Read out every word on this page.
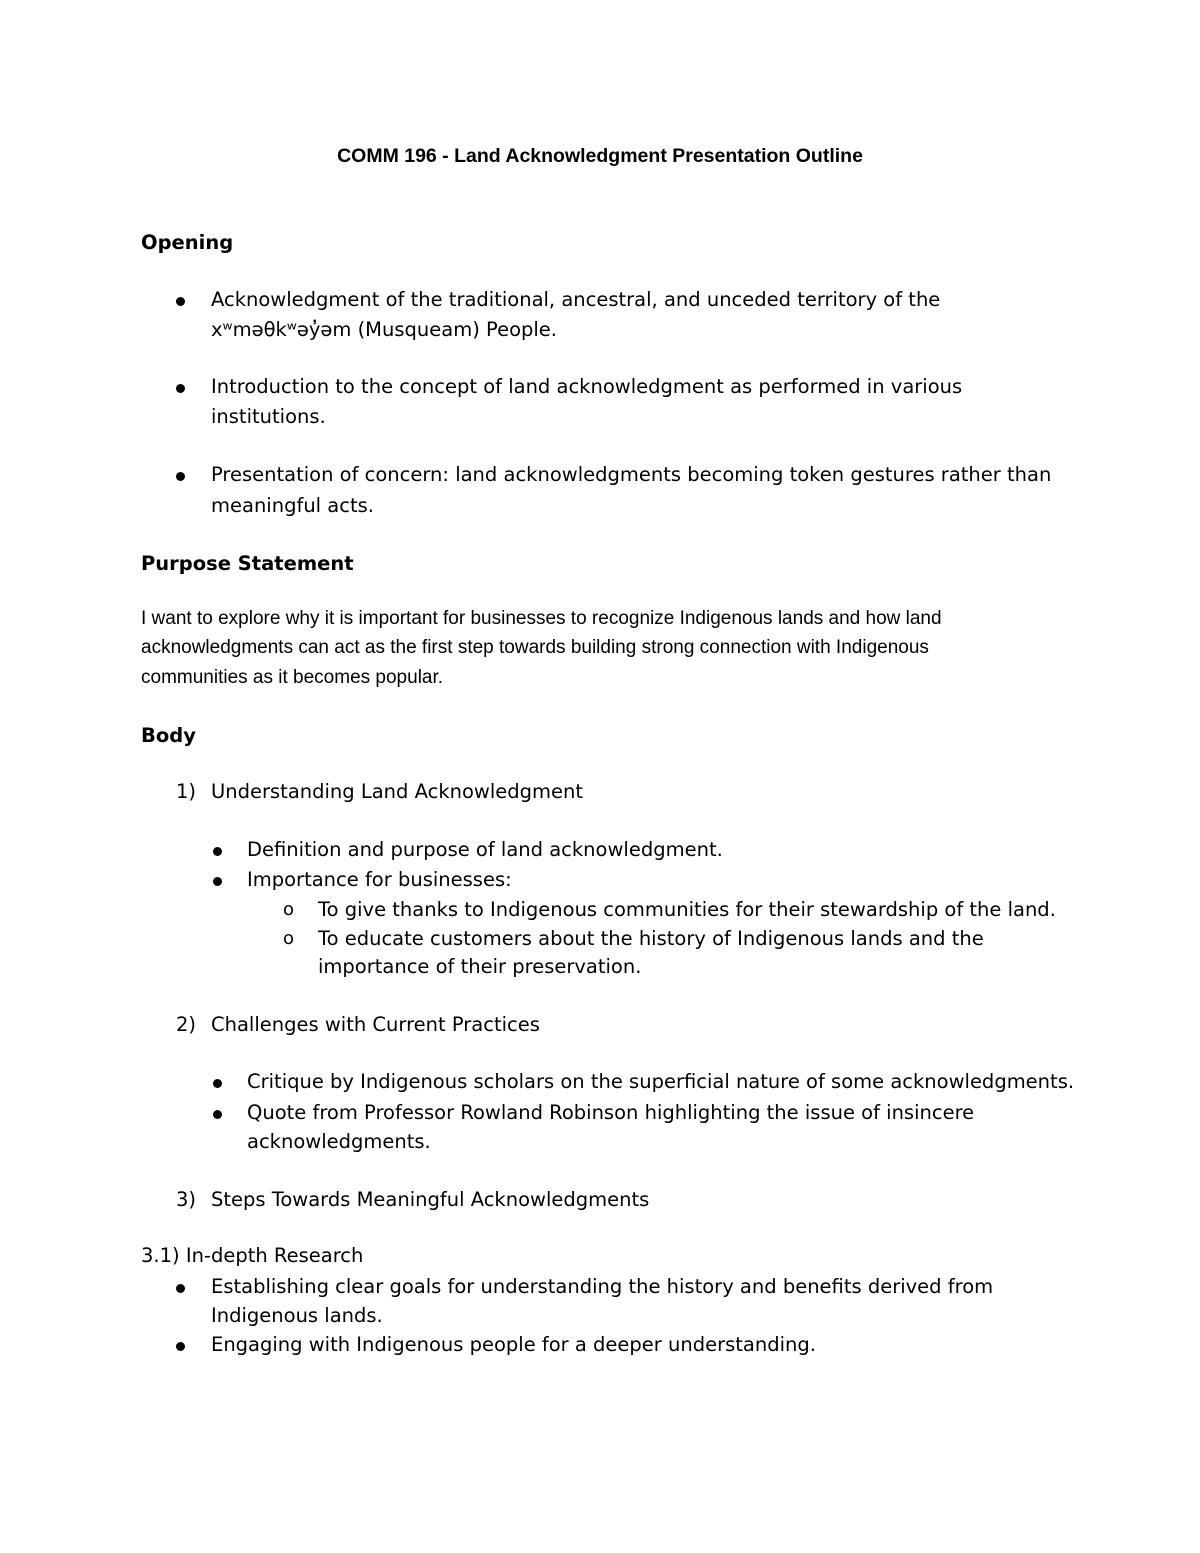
COMM 196 - Land Acknowledgment Presentation Outline
Opening
Acknowledgment of the traditional, ancestral, and unceded territory of the
xʷməθkʷəy̓əm (Musqueam) People.
Introduction to the concept of land acknowledgment as performed in various
institutions.
Presentation of concern: land acknowledgments becoming token gestures rather than
meaningful acts.
Purpose Statement
I want to explore why it is important for businesses to recognize Indigenous lands and how land
acknowledgments can act as the first step towards building strong connection with Indigenous
communities as it becomes popular.
Body
1) Understanding Land Acknowledgment
Definition and purpose of land acknowledgment.
Importance for businesses:
o To give thanks to Indigenous communities for their stewardship of the land.
o To educate customers about the history of Indigenous lands and the
importance of their preservation.
2) Challenges with Current Practices
Critique by Indigenous scholars on the superficial nature of some acknowledgments.
Quote from Professor Rowland Robinson highlighting the issue of insincere
acknowledgments.
3) Steps Towards Meaningful Acknowledgments
3.1) In-depth Research
Establishing clear goals for understanding the history and benefits derived from
Indigenous lands.
Engaging with Indigenous people for a deeper understanding.
